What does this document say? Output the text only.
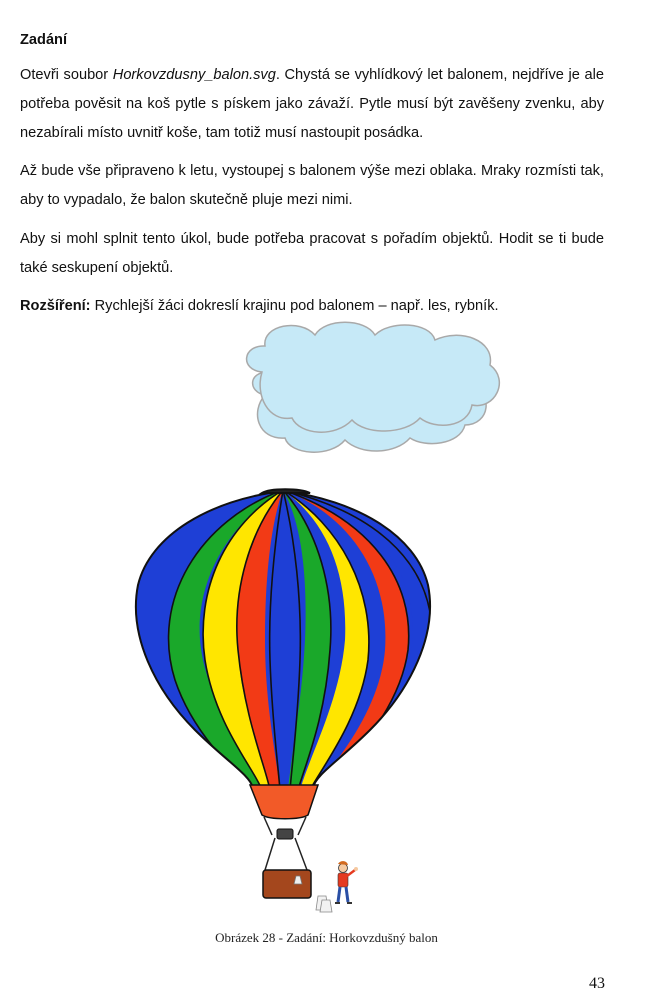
Zadání

Otevři soubor Horkovzdusny_balon.svg. Chystá se vyhlídkový let balonem, nejdříve je ale potřeba pověsit na koš pytle s pískem jako závaží. Pytle musí být zavěšeny zvenku, aby nezabírali místo uvnitř koše, tam totiž musí nastoupit posádka.

Až bude vše připraveno k letu, vystoupej s balonem výše mezi oblaka. Mraky rozmísti tak, aby to vypadalo, že balon skutečně pluje mezi nimi.

Aby si mohl splnit tento úkol, bude potřeba pracovat s pořadím objektů. Hodit se ti bude také seskupení objektů.

Rozšíření: Rychlejší žáci dokreslí krajinu pod balonem – např. les, rybník.

Obrázek 28 - Zadání: Horkovzdušný balon
43
